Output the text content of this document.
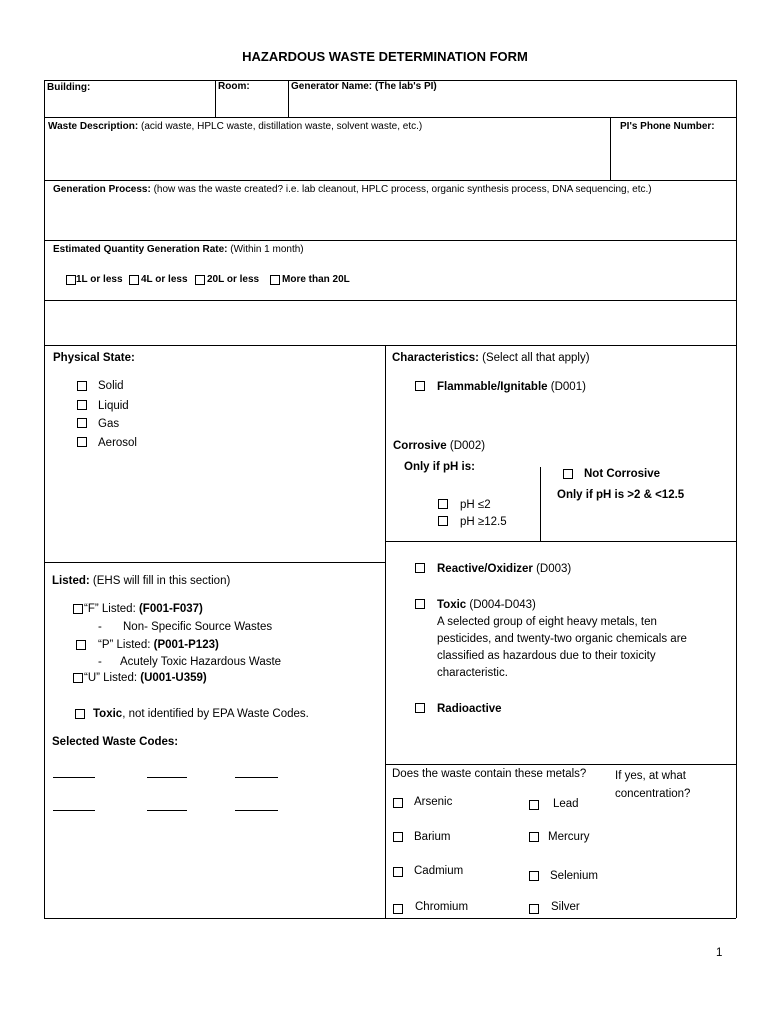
HAZARDOUS WASTE DETERMINATION FORM
Building:	Room:	Generator Name: (The lab's PI)
Waste Description: (acid waste, HPLC waste, distillation waste, solvent waste, etc.)	PI's Phone Number:
Generation Process: (how was the waste created? i.e. lab cleanout, HPLC process, organic synthesis process, DNA sequencing, etc.)
Estimated Quantity Generation Rate: (Within 1 month)
1L or less 4L or less 20L or less More than 20L
Physical State:
Solid
Liquid
Gas
Aerosol
Characteristics: (Select all that apply)
Flammable/Ignitable (D001)
Corrosive (D002)
Only if pH is:
pH ≤2
pH ≥12.5
Not Corrosive
Only if pH is >2 & <12.5
Reactive/Oxidizer (D003)
Toxic (D004-D043)
A selected group of eight heavy metals, ten
pesticides, and twenty-two organic chemicals are
classified as hazardous due to their toxicity
characteristic.
Radioactive
Listed: (EHS will fill in this section)
“F” Listed: (F001-F037)
- Non- Specific Source Wastes
“P” Listed: (P001-P123)
- Acutely Toxic Hazardous Waste
“U” Listed: (U001-U359)
Toxic, not identified by EPA Waste Codes.
Selected Waste Codes:
Does the waste contain these metals? If yes, at what
concentration?
Arsenic
Barium
Cadmium
Chromium
Lead
Mercury
Selenium
Silver
1
